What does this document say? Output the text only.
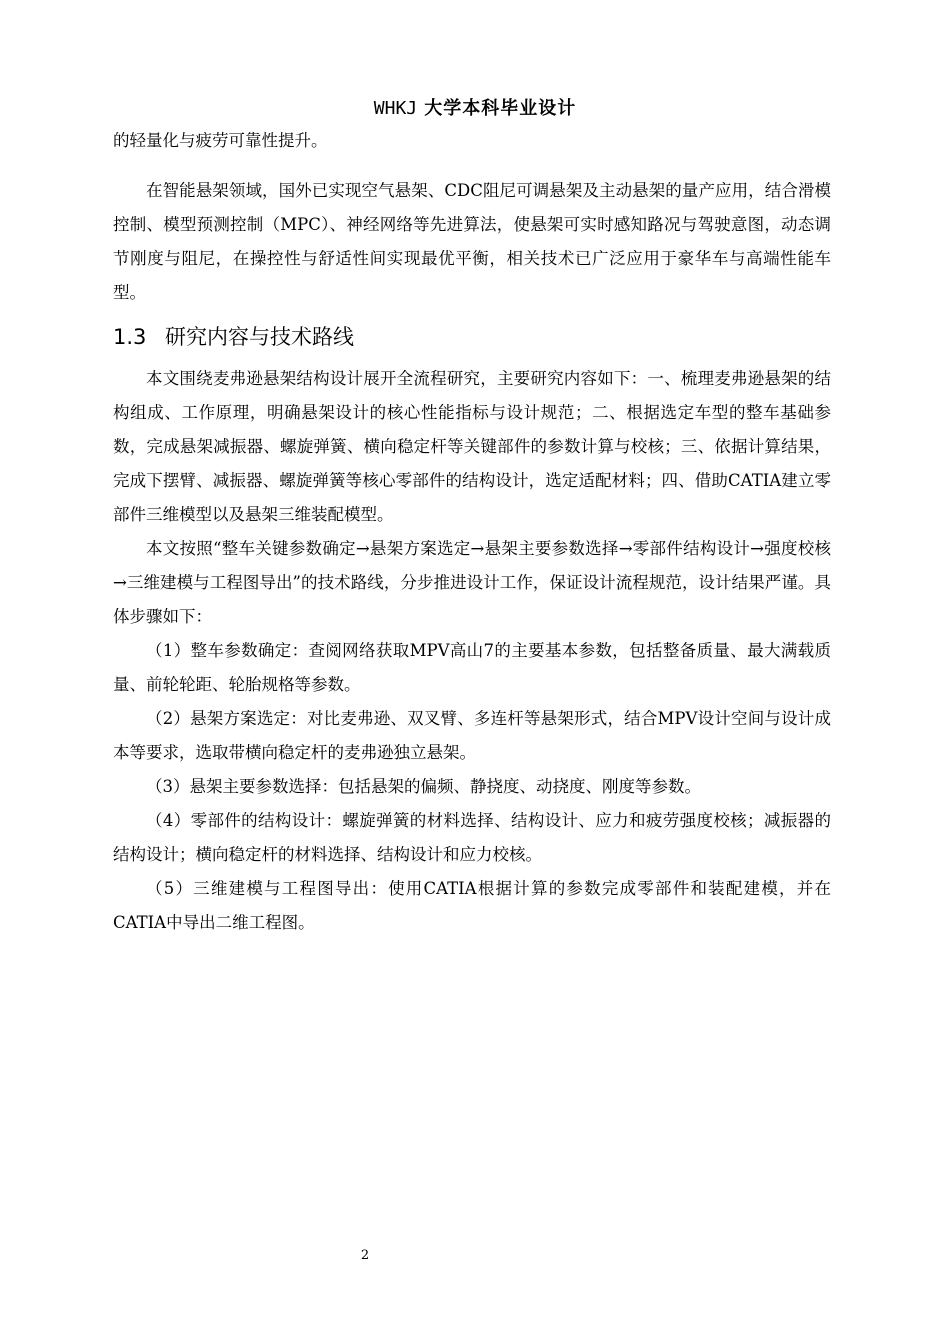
WHKJ 大学本科毕业设计

的轻量化与疲劳可靠性提升。

在智能悬架领域，国外已实现空气悬架、CDC阻尼可调悬架及主动悬架的量产应用，结合滑模控制、模型预测控制（MPC）、神经网络等先进算法，使悬架可实时感知路况与驾驶意图，动态调节刚度与阻尼，在操控性与舒适性间实现最优平衡，相关技术已广泛应用于豪华车与高端性能车型。

1.3 研究内容与技术路线

本文围绕麦弗逊悬架结构设计展开全流程研究，主要研究内容如下：一、梳理麦弗逊悬架的结构组成、工作原理，明确悬架设计的核心性能指标与设计规范；二、根据选定车型的整车基础参数，完成悬架减振器、螺旋弹簧、横向稳定杆等关键部件的参数计算与校核；三、依据计算结果，完成下摆臂、减振器、螺旋弹簧等核心零部件的结构设计，选定适配材料；四、借助CATIA建立零部件三维模型以及悬架三维装配模型。

本文按照“整车关键参数确定→悬架方案选定→悬架主要参数选择→零部件结构设计→强度校核→三维建模与工程图导出”的技术路线，分步推进设计工作，保证设计流程规范，设计结果严谨。具体步骤如下：

（1）整车参数确定：查阅网络获取MPV高山7的主要基本参数，包括整备质量、最大满载质量、前轮轮距、轮胎规格等参数。

（2）悬架方案选定：对比麦弗逊、双叉臂、多连杆等悬架形式，结合MPV设计空间与设计成本等要求，选取带横向稳定杆的麦弗逊独立悬架。

（3）悬架主要参数选择：包括悬架的偏频、静挠度、动挠度、刚度等参数。

（4）零部件的结构设计：螺旋弹簧的材料选择、结构设计、应力和疲劳强度校核；减振器的结构设计；横向稳定杆的材料选择、结构设计和应力校核。

（5）三维建模与工程图导出：使用CATIA根据计算的参数完成零部件和装配建模，并在CATIA中导出二维工程图。

2
